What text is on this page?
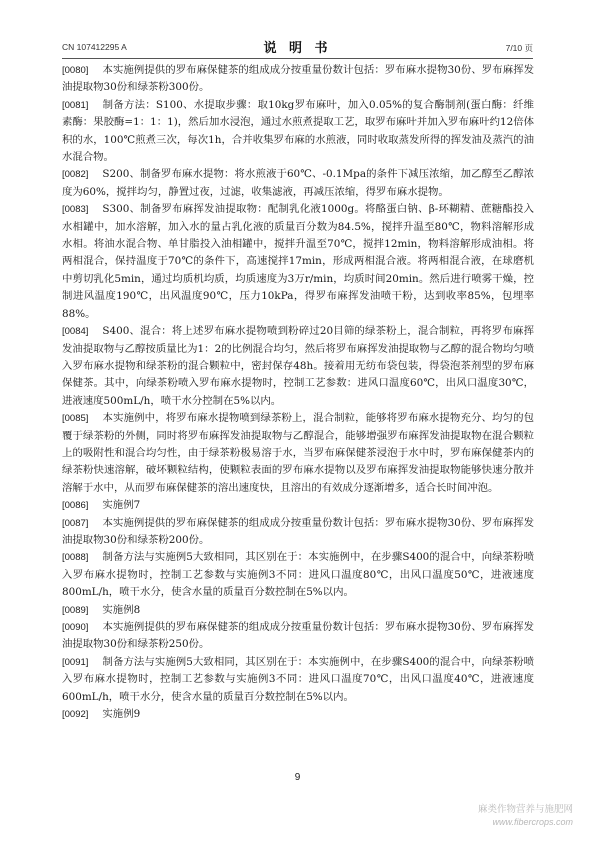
CN 107412295 A	说 明 书	7/10 页

[0080] 本实施例提供的罗布麻保健茶的组成成分按重量份数计包括：罗布麻水提物30份、罗布麻挥发油提取物30份和绿茶粉300份。

[0081] 制备方法：S100、水提取步骤：取10kg罗布麻叶，加入0.05%的复合酶制剂(蛋白酶：纤维素酶：果胶酶=1：1：1)，然后加水浸泡，通过水煎煮提取工艺，取罗布麻叶并加入罗布麻叶约12倍体积的水，100℃煎煮三次，每次1h，合并收集罗布麻的水煎液，同时收取蒸发所得的挥发油及蒸汽的油水混合物。

[0082] S200、制备罗布麻水提物：将水煎液于60℃、-0.1Mpa的条件下减压浓缩，加乙醇至乙醇浓度为60%，搅拌均匀，静置过夜，过滤，收集滤液，再减压浓缩，得罗布麻水提物。

[0083] S300、制备罗布麻挥发油提取物：配制乳化液1000g。将酪蛋白钠、β-环糊精、蔗糖酯投入水相罐中，加水溶解，加入水的量占乳化液的质量百分数为84.5%，搅拌升温至80℃，物料溶解形成水相。将油水混合物、单甘脂投入油相罐中，搅拌升温至70℃，搅拌12min，物料溶解形成油相。将两相混合，保持温度于70℃的条件下，高速搅拌17min，形成两相混合液。将两相混合液，在球磨机中剪切乳化5min，通过均质机均质，均质速度为3万r/min，均质时间20min。然后进行喷雾干燥，控制进风温度190℃，出风温度90℃，压力10kPa，得罗布麻挥发油喷干粉，达到收率85%，包埋率88%。

[0084] S400、混合：将上述罗布麻水提物喷到粉碎过20目筛的绿茶粉上，混合制粒，再将罗布麻挥发油提取物与乙醇按质量比为1：2的比例混合均匀，然后将罗布麻挥发油提取物与乙醇的混合物均匀喷入罗布麻水提物和绿茶粉的混合颗粒中，密封保存48h。接着用无纺布袋包装，得袋泡茶剂型的罗布麻保健茶。其中，向绿茶粉喷入罗布麻水提物时，控制工艺参数：进风口温度60℃，出风口温度30℃，进液速度500mL/h，喷干水分控制在5%以内。

[0085] 本实施例中，将罗布麻水提物喷到绿茶粉上，混合制粒，能够将罗布麻水提物充分、均匀的包覆于绿茶粉的外侧，同时将罗布麻挥发油提取物与乙醇混合，能够增强罗布麻挥发油提取物在混合颗粒上的吸附性和混合均匀性，由于绿茶粉极易溶于水，当罗布麻保健茶浸泡于水中时，罗布麻保健茶内的绿茶粉快速溶解，破坏颗粒结构，使颗粒表面的罗布麻水提物以及罗布麻挥发油提取物能够快速分散并溶解于水中，从而罗布麻保健茶的溶出速度快，且溶出的有效成分逐渐增多，适合长时间冲泡。

[0086] 实施例7

[0087] 本实施例提供的罗布麻保健茶的组成成分按重量份数计包括：罗布麻水提物30份、罗布麻挥发油提取物30份和绿茶粉200份。

[0088] 制备方法与实施例5大致相同，其区别在于：本实施例中，在步骤S400的混合中，向绿茶粉喷入罗布麻水提物时，控制工艺参数与实施例3不同：进风口温度80℃，出风口温度50℃，进液速度800mL/h，喷干水分，使含水量的质量百分数控制在5%以内。

[0089] 实施例8

[0090] 本实施例提供的罗布麻保健茶的组成成分按重量份数计包括：罗布麻水提物30份、罗布麻挥发油提取物30份和绿茶粉250份。

[0091] 制备方法与实施例5大致相同，其区别在于：本实施例中，在步骤S400的混合中，向绿茶粉喷入罗布麻水提物时，控制工艺参数与实施例3不同：进风口温度70℃，出风口温度40℃，进液速度600mL/h，喷干水分，使含水量的质量百分数控制在5%以内。

[0092] 实施例9

9
麻类作物营养与施肥网
www.fibercrops.com
